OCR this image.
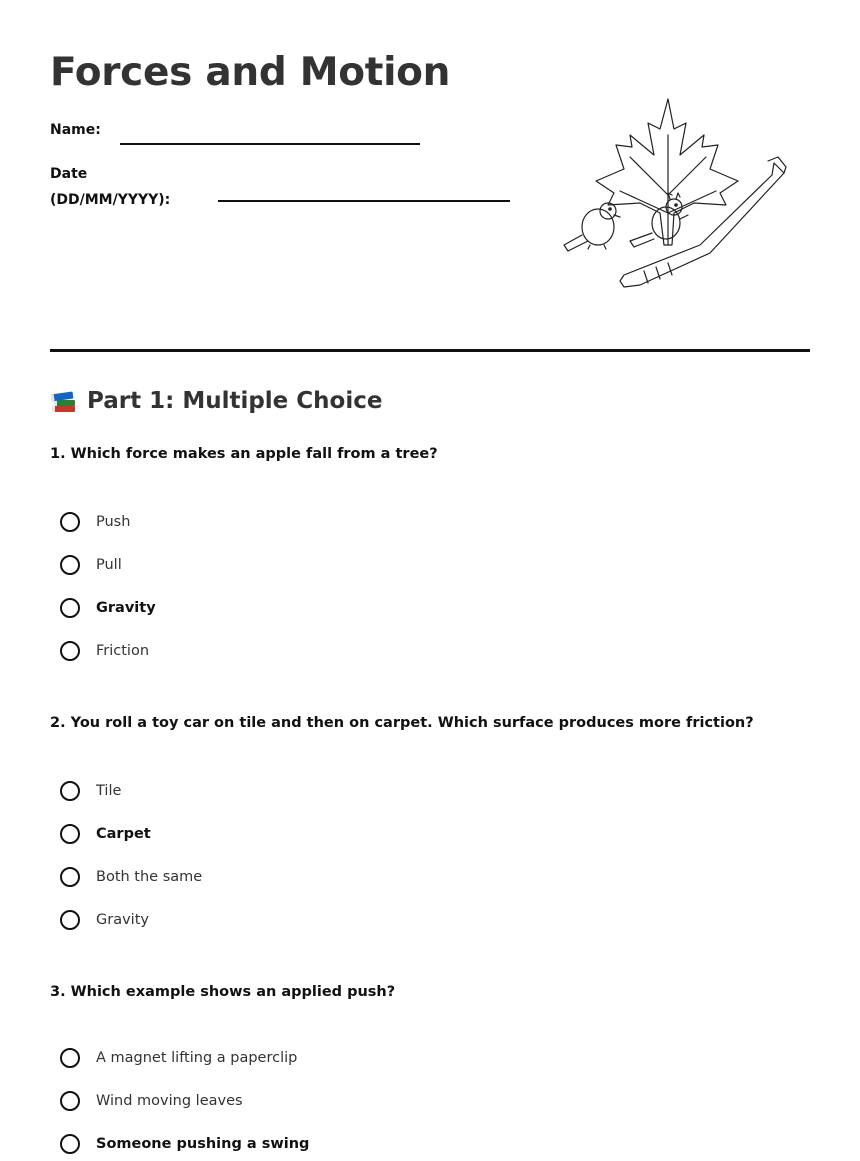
Forces and Motion
Name:
Date
(DD/MM/YYYY):
Part 1: Multiple Choice
1. Which force makes an apple fall from a tree?
Push
Pull
Gravity
Friction
2. You roll a toy car on tile and then on carpet. Which surface produces more friction?
Tile
Carpet
Both the same
Gravity
3. Which example shows an applied push?
A magnet lifting a paperclip
Wind moving leaves
Someone pushing a swing
